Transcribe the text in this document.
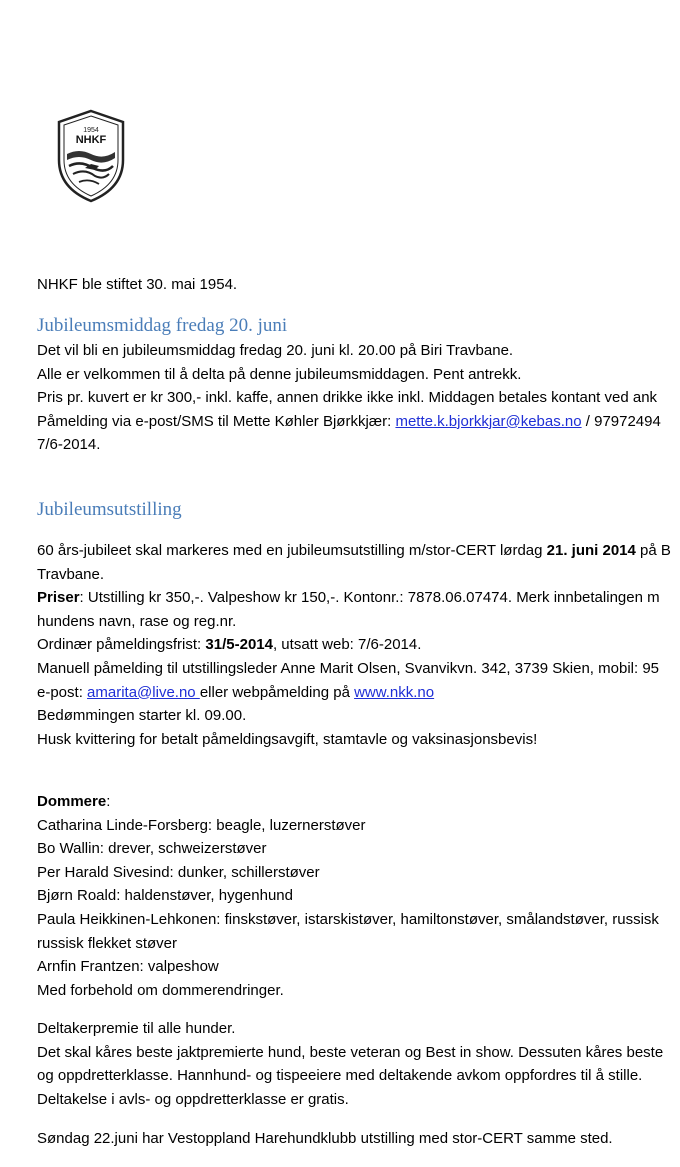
1954
NHKF
NHKF ble stiftet 30. mai 1954.
Jubileumsmiddag fredag 20. juni
Det vil bli en jubileumsmiddag fredag 20. juni kl. 20.00 på Biri Travbane.
Alle er velkommen til å delta på denne jubileumsmiddagen. Pent antrekk.
Pris pr. kuvert er kr 300,- inkl. kaffe, annen drikke ikke inkl. Middagen betales kontant ved ank
Påmelding via e-post/SMS til Mette Køhler Bjørkkjær: mette.k.bjorkkjar@kebas.no / 97972494
7/6-2014.
Jubileumsutstilling
60 års-jubileet skal markeres med en jubileumsutstilling m/stor-CERT lørdag 21. juni 2014 på B
Travbane.
Priser: Utstilling kr 350,-. Valpeshow kr 150,-. Kontonr.: 7878.06.07474. Merk innbetalingen m
hundens navn, rase og reg.nr.
Ordinær påmeldingsfrist: 31/5-2014, utsatt web: 7/6-2014.
Manuell påmelding til utstillingsleder Anne Marit Olsen, Svanvikvn. 342, 3739 Skien, mobil: 95
e-post: amarita@live.no eller webpåmelding på www.nkk.no
Bedømmingen starter kl. 09.00.
Husk kvittering for betalt påmeldingsavgift, stamtavle og vaksinasjonsbevis!
Dommere:
Catharina Linde-Forsberg: beagle, luzernerstøver
Bo Wallin: drever, schweizerstøver
Per Harald Sivesind: dunker, schillerstøver
Bjørn Roald: haldenstøver, hygenhund
Paula Heikkinen-Lehkonen: finskstøver, istarskistøver, hamiltonstøver, smålandstøver, russisk
russisk flekket støver
Arnfin Frantzen: valpeshow
Med forbehold om dommerendringer.
Deltakerpremie til alle hunder.
Det skal kåres beste jaktpremierte hund, beste veteran og Best in show. Dessuten kåres beste
og oppdretterklasse. Hannhund- og tispeeiere med deltakende avkom oppfordres til å stille.
Deltakelse i avls- og oppdretterklasse er gratis.
Søndag 22.juni har Vestoppland Harehundklubb utstilling med stor-CERT samme sted.
